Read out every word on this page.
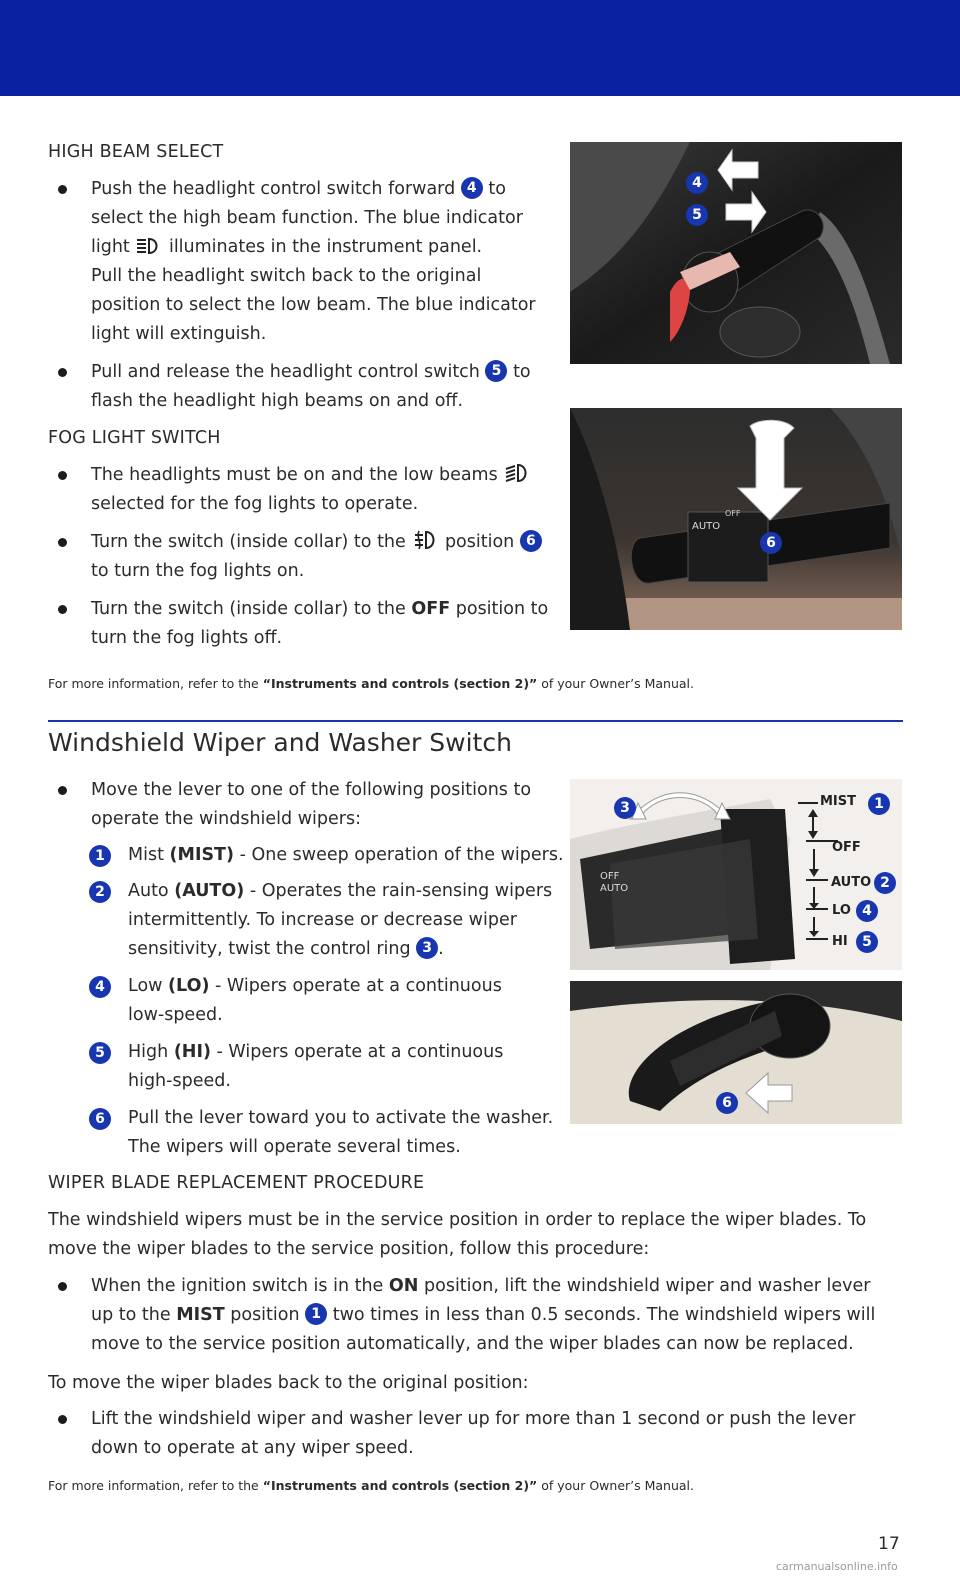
HIGH BEAM SELECT
Push the headlight control switch forward 4 to
select the high beam function. The blue indicator
light illuminates in the instrument panel.
Pull the headlight switch back to the original
position to select the low beam. The blue indicator
light will extinguish.
Pull and release the headlight control switch 5 to
flash the headlight high beams on and off.
FOG LIGHT SWITCH
The headlights must be on and the low beams
selected for the fog lights to operate.
Turn the switch (inside collar) to the position 6
to turn the fog lights on.
Turn the switch (inside collar) to the OFF position to
turn the fog lights off.
For more information, refer to the “Instruments and controls (section 2)” of your Owner’s Manual.
4
5
AUTO
OFF
6
Windshield Wiper and Washer Switch
Move the lever to one of the following positions to
operate the windshield wipers:
1	Mist (MIST) - One sweep operation of the wipers.
2	Auto (AUTO) - Operates the rain-sensing wipers
intermittently. To increase or decrease wiper
sensitivity, twist the control ring 3 .
4	Low (LO) - Wipers operate at a continuous
low-speed.
5	High (HI) - Wipers operate at a continuous
high-speed.
6	Pull the lever toward you to activate the washer.
The wipers will operate several times.
OFF
AUTO
3	MIST	1
OFF
AUTO 2
LO 4
HI	5
6
WIPER BLADE REPLACEMENT PROCEDURE
The windshield wipers must be in the service position in order to replace the wiper blades. To
move the wiper blades to the service position, follow this procedure:
When the ignition switch is in the ON position, lift the windshield wiper and washer lever
up to the MIST position 1 two times in less than 0.5 seconds. The windshield wipers will
move to the service position automatically, and the wiper blades can now be replaced.
To move the wiper blades back to the original position:
Lift the windshield wiper and washer lever up for more than 1 second or push the lever
down to operate at any wiper speed.
For more information, refer to the “Instruments and controls (section 2)” of your Owner’s Manual.
17
carmanualsonline.info
